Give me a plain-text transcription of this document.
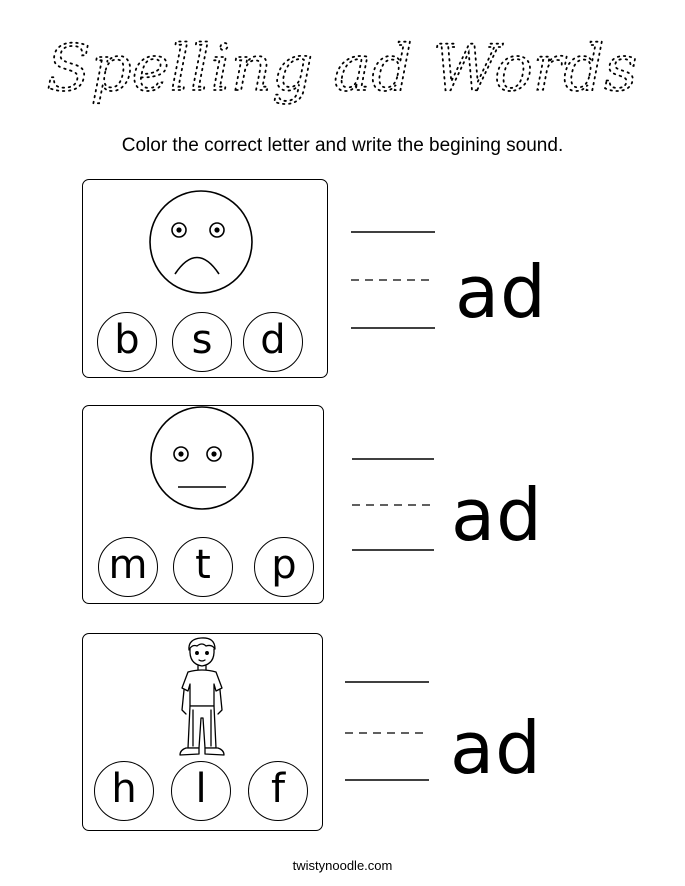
Spelling ad Words
Color the correct letter and write the begining sound.
b s d
ad
m t p
ad
h l f ad
twistynoodle.com
